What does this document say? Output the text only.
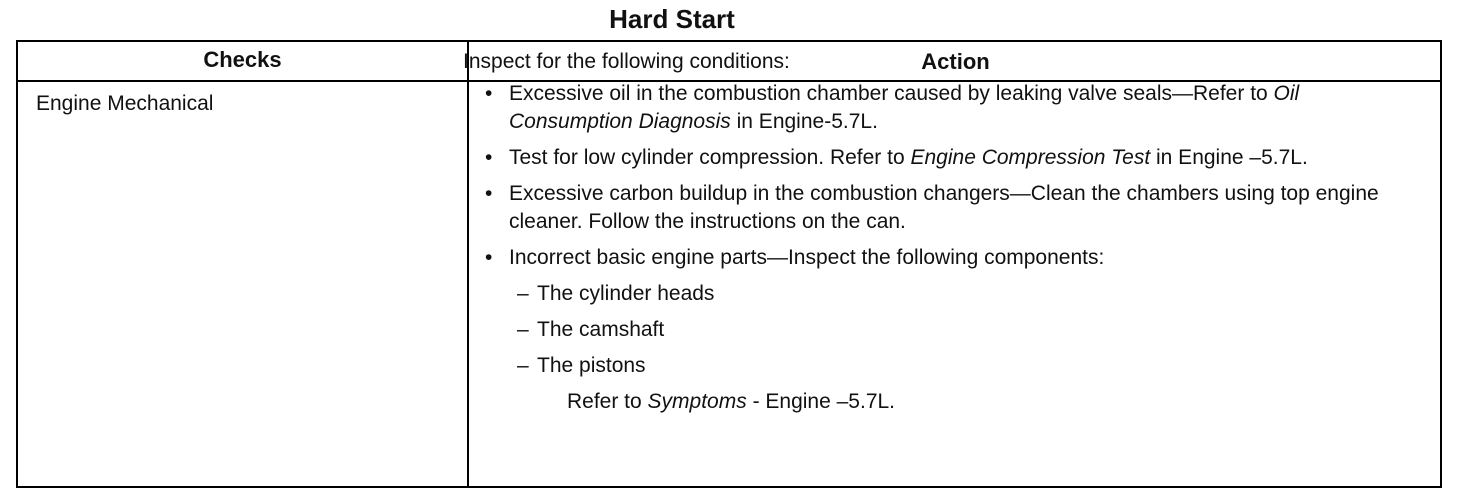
Hard Start
Checks	Action
Engine Mechanical

Inspect for the following conditions:

• Excessive oil in the combustion chamber caused by leaking valve seals—Refer to Oil Consumption Diagnosis in Engine-5.7L.

• Test for low cylinder compression. Refer to Engine Compression Test in Engine –5.7L.

• Excessive carbon buildup in the combustion changers—Clean the chambers using top engine cleaner. Follow the instructions on the can.

• Incorrect basic engine parts—Inspect the following components:

– The cylinder heads

– The camshaft

– The pistons

Refer to Symptoms - Engine –5.7L.
